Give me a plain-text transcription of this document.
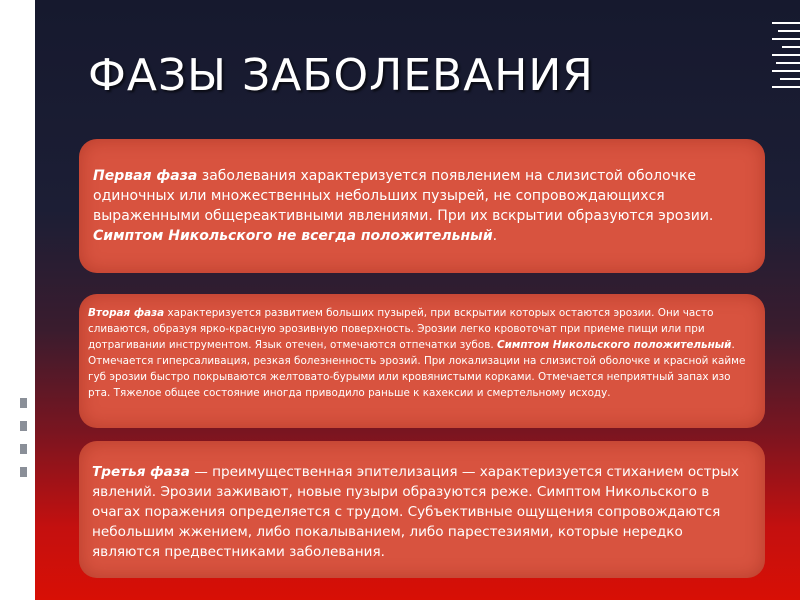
ФАЗЫ ЗАБОЛЕВАНИЯ

Первая фаза заболевания характеризуется появлением на слизистой оболочке одиночных или множественных небольших пузырей, не сопровождающихся выраженными общереактивными явлениями. При их вскрытии образуются эрозии. Симптом Никольского не всегда положительный.

Вторая фаза характеризуется развитием больших пузырей, при вскрытии которых остаются эрозии. Они часто сливаются, образуя ярко-красную эрозивную поверхность. Эрозии легко кровоточат при приеме пищи или при дотрагивании инструментом. Язык отечен, отмечаются отпечатки зубов. Симптом Никольского положительный. Отмечается гиперсаливация, резкая болезненность эрозий. При локализации на слизистой оболочке и красной кайме губ эрозии быстро покрываются желтовато-бурыми или кровянистыми корками. Отмечается неприятный запах изо рта. Тяжелое общее состояние иногда приводило раньше к кахексии и смертельному исходу.

Третья фаза — преимущественная эпителизация — характеризуется стиханием острых явлений. Эрозии заживают, новые пузыри образуются реже. Симптом Никольского в очагах поражения определяется с трудом. Субъективные ощущения сопровождаются небольшим жжением, либо покалыванием, либо парестезиями, которые нередко являются предвестниками заболевания.
